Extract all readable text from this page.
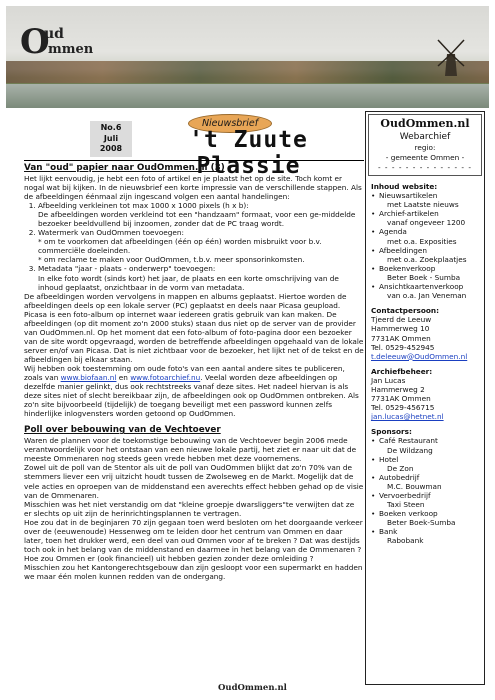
O
ud
mmen
No.6
Juli
2008
Nieuwsbrief
't Zuute Plassie
Van "oud" papier naar OudOmmen.nl (3)

Het lijkt eenvoudig, je hebt een foto of artikel en je plaatst het op de site. Toch komt er nogal wat bij kijken. In de nieuwsbrief een korte impressie van de verschillende stappen. Als de afbeeldingen éénmaal zijn ingescand volgen een aantal handelingen:

1. Afbeelding verkleinen tot max 1000 x 1000 pixels (h x b):
De afbeeldingen worden verkleind tot een "handzaam" formaat, voor een ge-middelde bezoeker beeldvullend bij inzoomen, zonder dat de PC traag wordt.
2. Watermerk van OudOmmen toevoegen:
* om te voorkomen dat afbeeldingen (één op één) worden misbruikt voor b.v. commerciële doeleinden.
* om reclame te maken voor OudOmmen, t.b.v. meer sponsorinkomsten.
3. Metadata "jaar - plaats - onderwerp" toevoegen:
In elke foto wordt (sinds kort) het jaar, de plaats en een korte omschrijving van de inhoud geplaatst, onzichtbaar in de vorm van metadata.

De afbeeldingen worden vervolgens in mappen en albums geplaatst. Hiertoe worden de afbeeldingen deels op een lokale server (PC) geplaatst en deels naar Picasa geupload. Picasa is een foto-album op internet waar iedereen gratis gebruik van kan maken. De afbeeldingen (op dit moment zo'n 2000 stuks) staan dus niet op de server van de provider van OudOmmen.nl. Op het moment dat een foto-album of foto-pagina door een bezoeker van de site wordt opgevraagd, worden de betreffende afbeeldingen opgehaald van de lokale server en/of van Picasa. Dat is niet zichtbaar voor de bezoeker, het lijkt net of de tekst en de afbeeldingen bij elkaar staan.

Wij hebben ook toestemming om oude foto's van een aantal andere sites te publiceren, zoals van www.biofaan.nl en www.fotoarchief.nu. Veelal worden deze afbeeldingen op dezelfde manier gelinkt, dus ook rechtstreeks vanaf deze sites. Het nadeel hiervan is als deze sites niet of slecht bereikbaar zijn, de afbeeldingen ook op OudOmmen ontbreken. Als zo'n site bijvoorbeeld (tijdelijk) de toegang beveiligt met een password kunnen zelfs hinderlijke inlogvensters worden getoond op OudOmmen.

Poll over bebouwing van de Vechtoever

Waren de plannen voor de toekomstige bebouwing van de Vechtoever begin 2006 mede verantwoordelijk voor het ontstaan van een nieuwe lokale partij, het ziet er naar uit dat de meeste Ommenaren nog steeds geen vrede hebben met deze voornemens.

Zowel uit de poll van de Stentor als uit de poll van OudOmmen blijkt dat zo'n 70% van de stemmers liever een vrij uitzicht houdt tussen de Zwolseweg en de Markt. Mogelijk dat de vele acties en oproepen van de middenstand een averechts effect hebben gehad op de visie van de Ommenaren.

Misschien was het niet verstandig om dat "kleine groepje dwarsliggers"te verwijten dat ze er slechts op uit zijn de herinrichtingsplannen te vertragen.

Hoe zou dat in de beginjaren 70 zijn gegaan toen werd besloten om het doorgaande verkeer over de (eeuwenoude) Hessenweg om te leiden door het centrum van Ommen en daar later, toen het drukker werd, een deel van oud Ommen voor af te breken ? Dat was destijds toch ook in het belang van de middenstand en daarmee in het belang van de Ommenaren ?

Hoe zou Ommen er (ook financieel) uit hebben gezien zonder deze omleiding ?

Misschien zou het Kantongerechtsgebouw dan zijn gesloopt voor een supermarkt en hadden we maar één molen kunnen redden van de ondergang.

OudOmmen.nl
Webarchief
regio:
- gemeente Ommen -
- - - - - - - - - - - - - -
Inhoud website:
• Nieuwsartikelen
met Laatste nieuws
• Archief-artikelen
vanaf ongeveer 1200
• Agenda
met o.a. Exposities
• Afbeeldingen
met o.a. Zoekplaatjes
• Boekenverkoop
Beter Boek - Sumba
• Ansichtkaartenverkoop
van o.a. Jan Veneman
Contactpersoon:
Tjeerd de Leeuw
Hammerweg 10
7731AK Ommen
Tel. 0529-452945
t.deleeuw@OudOmmen.nl
Archiefbeheer:
Jan Lucas
Hammerweg 2
7731AK Ommen
Tel. 0529-456715
jan.lucas@hetnet.nl
Sponsors:
• Café Restaurant
De Wildzang
• Hotel
De Zon
• Autobedrijf
M.C. Bouwman
• Vervoerbedrijf
Taxi Steen
• Boeken verkoop
Beter Boek-Sumba
• Bank
Rabobank
OudOmmen.nl
